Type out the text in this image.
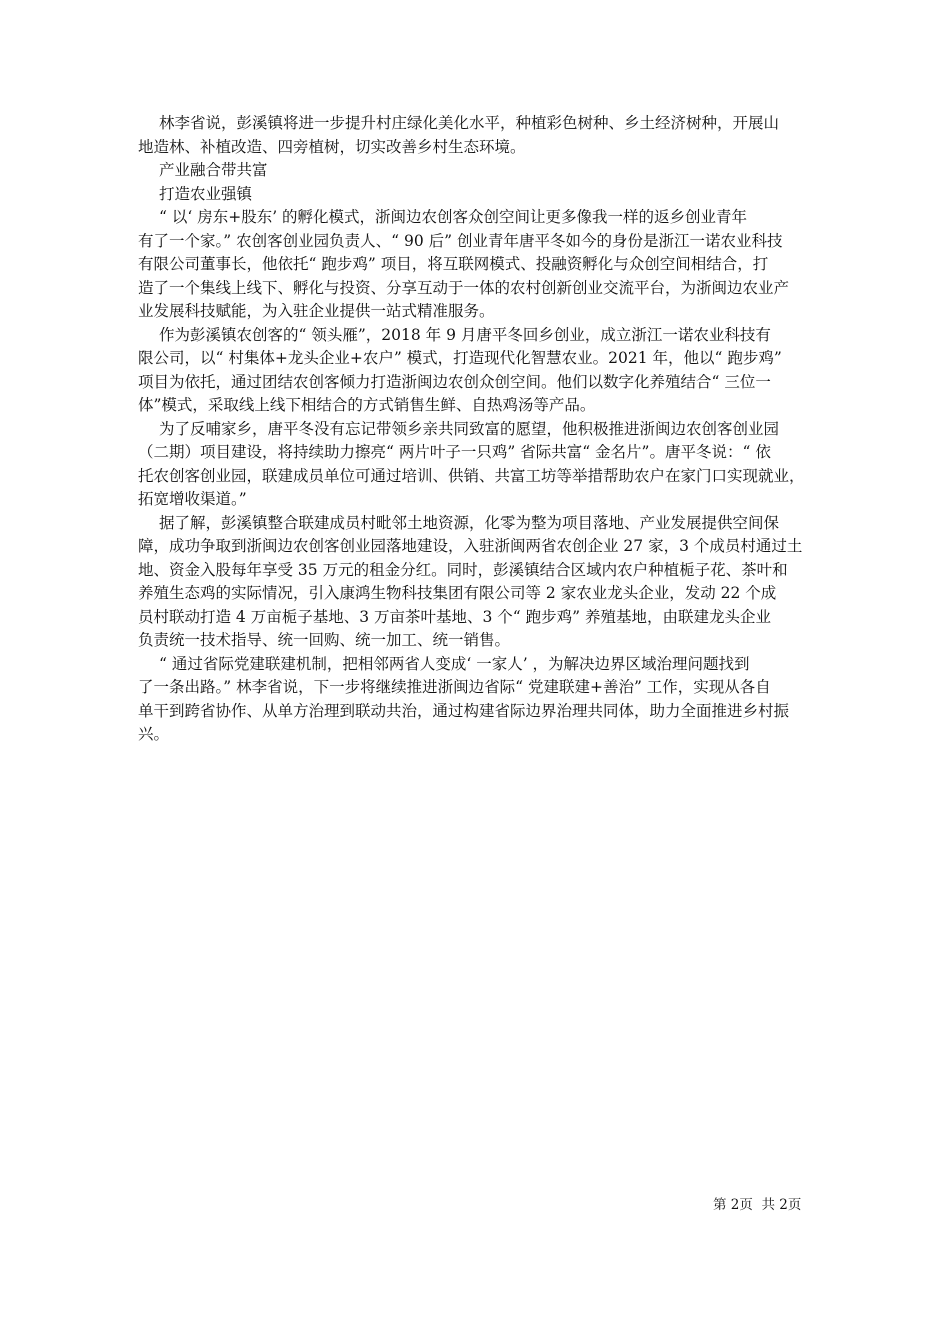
林李省说，彭溪镇将进一步提升村庄绿化美化水平，种植彩色树种、乡土经济树种，开展山
地造林、补植改造、四旁植树，切实改善乡村生态环境。
产业融合带共富
打造农业强镇
“ 以‘ 房东+股东’ 的孵化模式，浙闽边农创客众创空间让更多像我一样的返乡创业青年
有了一个家。” 农创客创业园负责人、“ 90 后” 创业青年唐平冬如今的身份是浙江一诺农业科技
有限公司董事长，他依托“ 跑步鸡” 项目，将互联网模式、投融资孵化与众创空间相结合，打
造了一个集线上线下、孵化与投资、分享互动于一体的农村创新创业交流平台，为浙闽边农业产
业发展科技赋能，为入驻企业提供一站式精准服务。
作为彭溪镇农创客的“ 领头雁”，2018 年 9 月唐平冬回乡创业，成立浙江一诺农业科技有
限公司，以“ 村集体+龙头企业+农户” 模式，打造现代化智慧农业。2021 年，他以“ 跑步鸡”
项目为依托，通过团结农创客倾力打造浙闽边农创众创空间。他们以数字化养殖结合“ 三位一
体”模式，采取线上线下相结合的方式销售生鲜、自热鸡汤等产品。
为了反哺家乡，唐平冬没有忘记带领乡亲共同致富的愿望，他积极推进浙闽边农创客创业园
（二期）项目建设，将持续助力擦亮“ 两片叶子一只鸡” 省际共富“ 金名片”。唐平冬说：“ 依
托农创客创业园，联建成员单位可通过培训、供销、共富工坊等举措帮助农户在家门口实现就业，
拓宽增收渠道。”
据了解，彭溪镇整合联建成员村毗邻土地资源，化零为整为项目落地、产业发展提供空间保
障，成功争取到浙闽边农创客创业园落地建设，入驻浙闽两省农创企业 27 家，3 个成员村通过土
地、资金入股每年享受 35 万元的租金分红。同时，彭溪镇结合区域内农户种植栀子花、茶叶和
养殖生态鸡的实际情况，引入康鸿生物科技集团有限公司等 2 家农业龙头企业，发动 22 个成
员村联动打造 4 万亩栀子基地、3 万亩茶叶基地、3 个“ 跑步鸡” 养殖基地，由联建龙头企业
负责统一技术指导、统一回购、统一加工、统一销售。
“ 通过省际党建联建机制，把相邻两省人变成‘ 一家人’ ，为解决边界区域治理问题找到
了一条出路。” 林李省说，下一步将继续推进浙闽边省际“ 党建联建+善治” 工作，实现从各自
单干到跨省协作、从单方治理到联动共治，通过构建省际边界治理共同体，助力全面推进乡村振
兴。
第 2页  共 2页
